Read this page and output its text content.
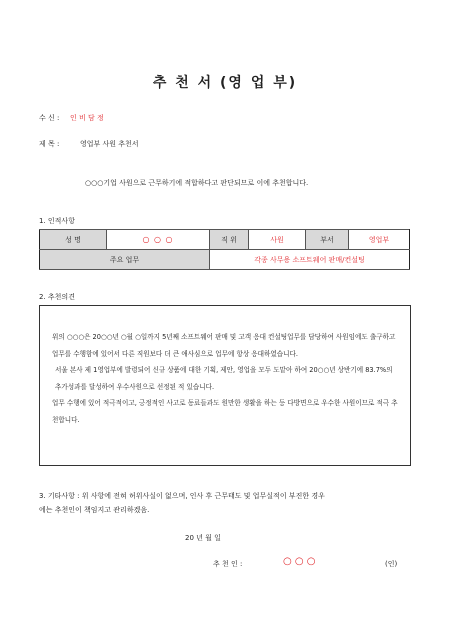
추 천 서 (영 업 부)
수 신 : 인 비 담 정
제 목 :	영업부 사원 추천서
○○○기업 사원으로 근무하기에 적합하다고 판단되므로 이에 추천합니다.
1. 인적사항
성 명	○ ○ ○	직 위	사원	부서	영업부
주요 업무		각종 사무용 소프트웨어 판매/컨설팅			
2. 추천의견
위의 ○○○은 20○○년 ○월 ○일까지 5년째 소프트웨어 판매 및 고객 응대 컨설팅업무를 담당하여 사원임에도 출구하고 업무를 수행함에 있어서 다른 직원보다 더 큰 애사심으로 업무에 항상 응대하였습니다.
서울 본사 제 1영업부에 발령되어 신규 상품에 대한 기획, 제안, 영업을 모두 도맡아 하여 20○○년 상반기에 83.7%의 추가성과를 달성하여 우수사원으로 선정된 적 있습니다.
업무 수행에 있어 적극적이고, 긍정적인 사고로 동료들과도 원만한 생활을 하는 등 다방면으로 우수한 사원이므로 적극 추천합니다.
3. 기타사항 : 위 사항에 전혀 허위사실이 없으며, 인사 후 근무태도 및 업무실적이 부진한 경우
에는 추천인이 책임지고 관리하겠음.
20 년 월 일
추 천 인 :	○ ○ ○	(인)
